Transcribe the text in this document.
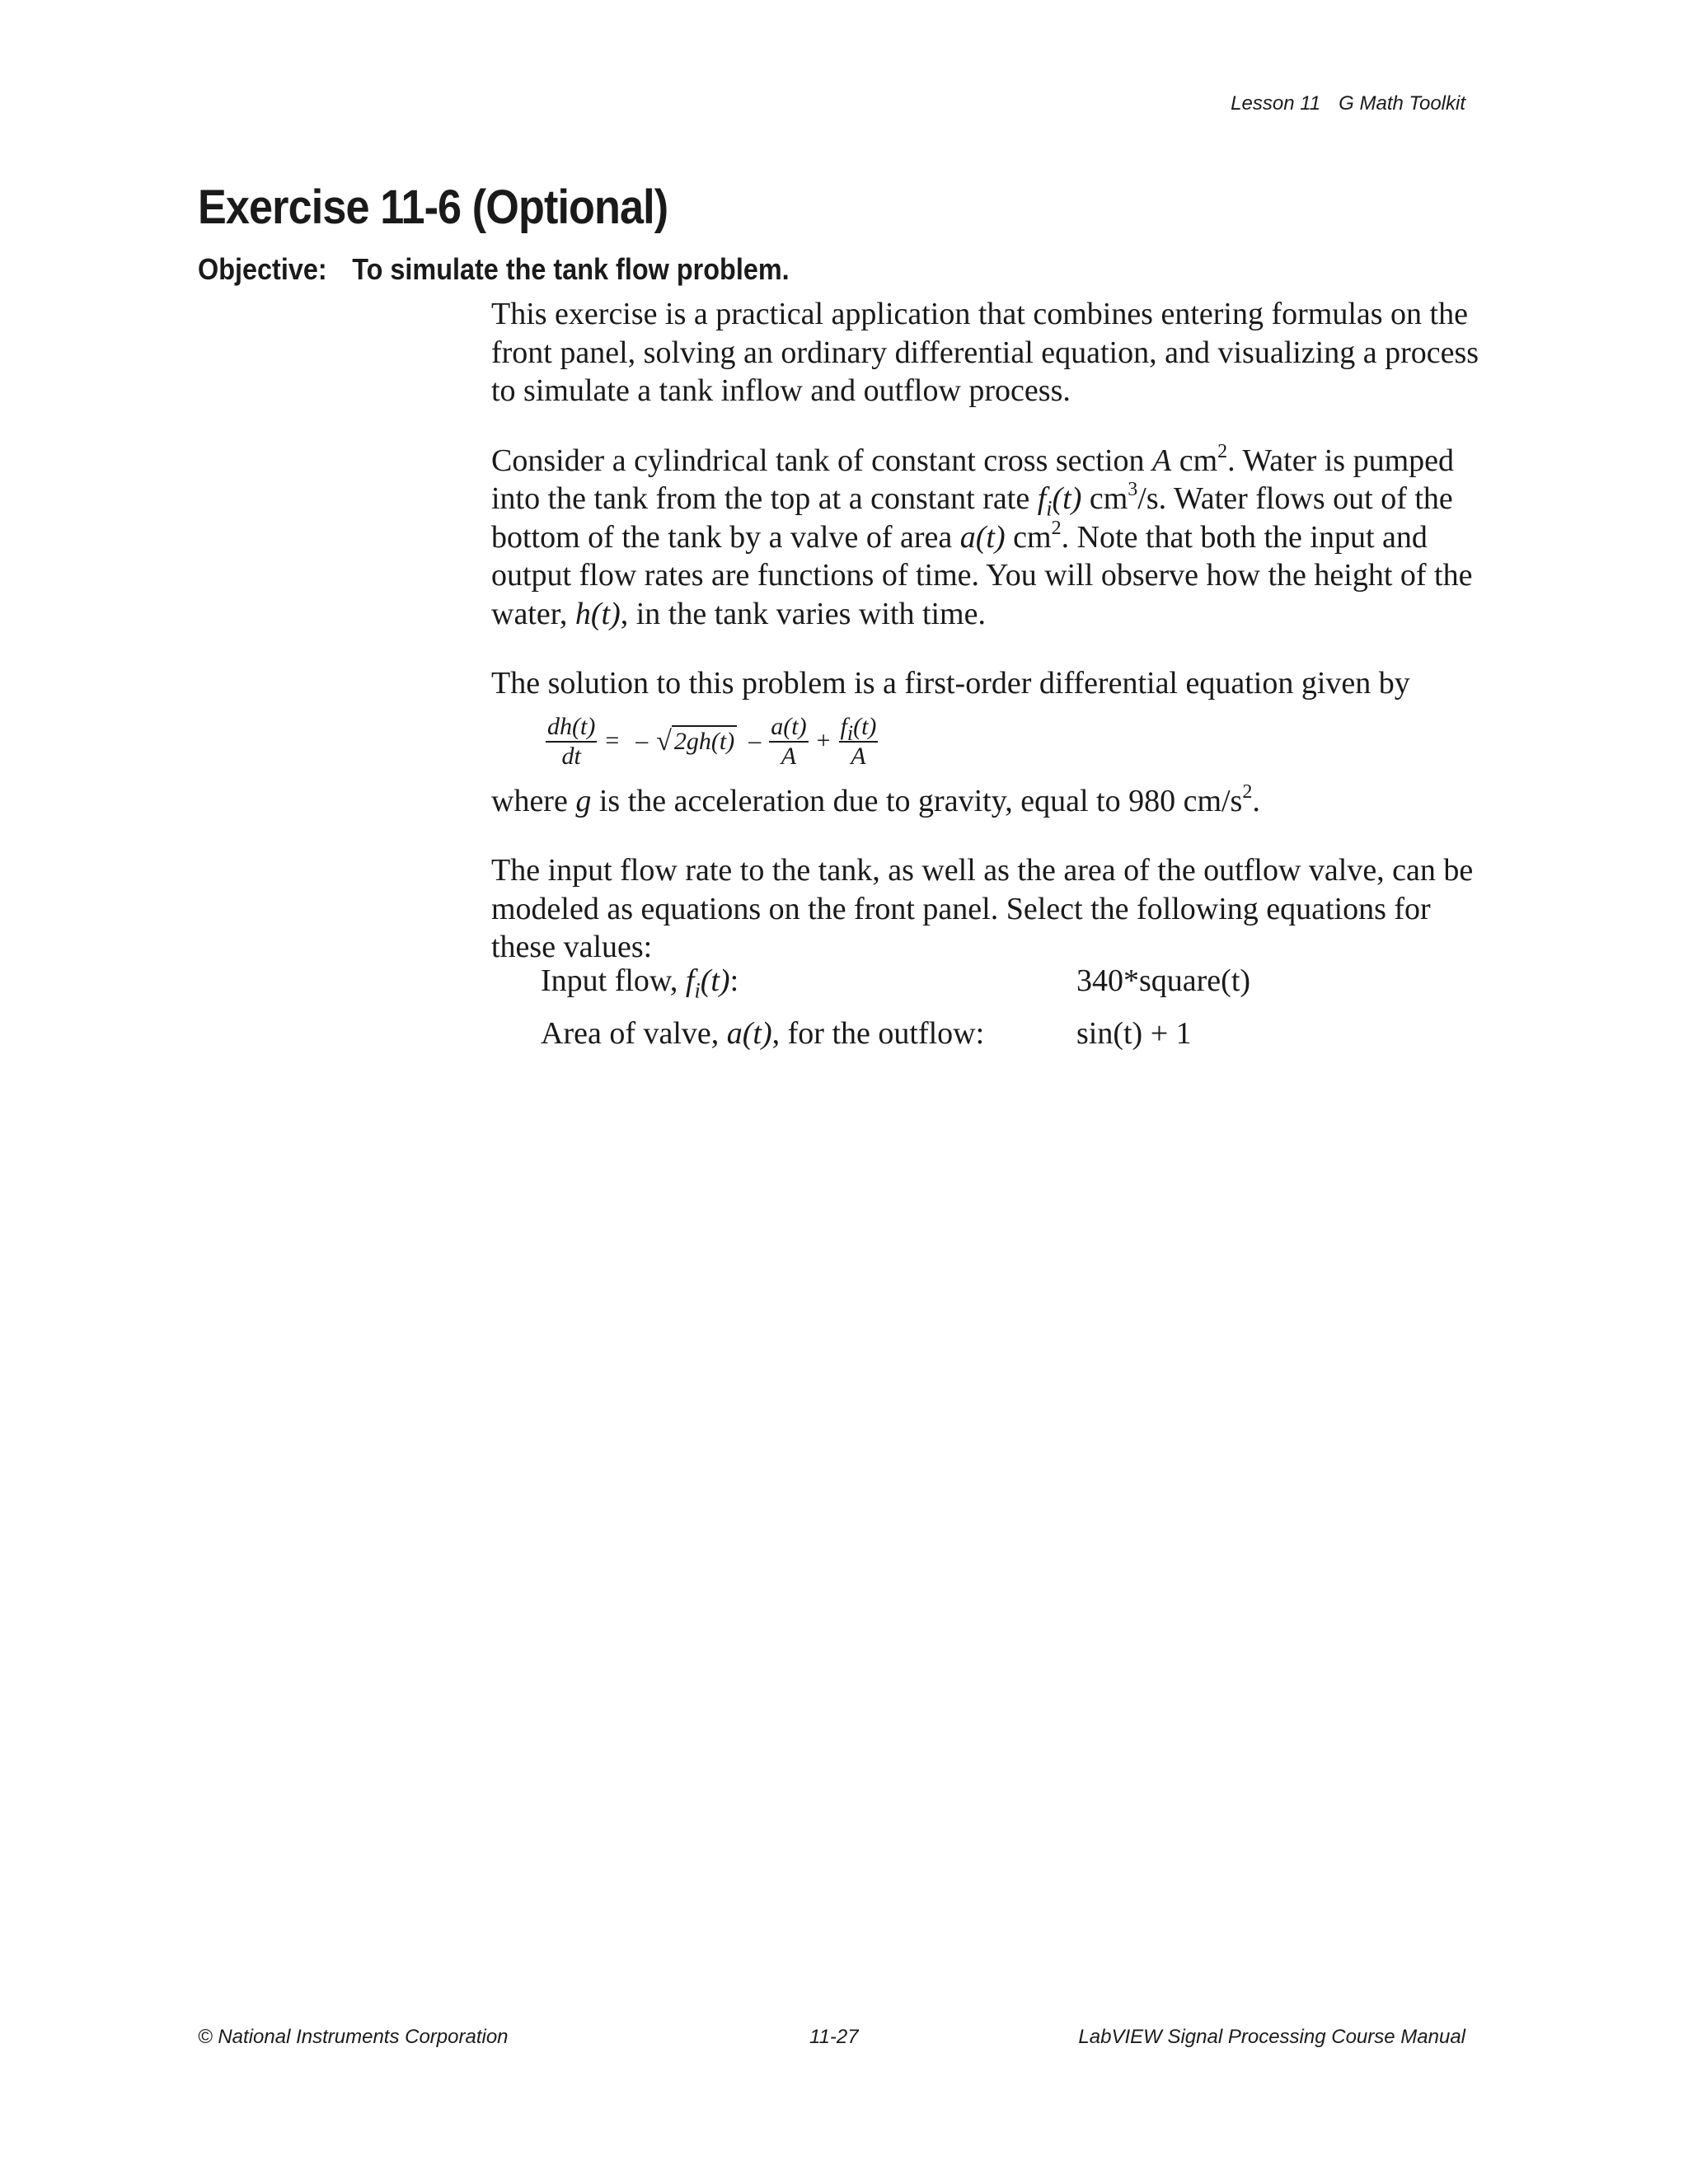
Lesson 11 G Math Toolkit
Exercise 11-6 (Optional)
Objective: To simulate the tank flow problem.

This exercise is a practical application that combines entering formulas on the front panel, solving an ordinary differential equation, and visualizing a process to simulate a tank inflow and outflow process.

Consider a cylindrical tank of constant cross section A $cm^2$. Water is pumped into the tank from the top at a constant rate $f_i(t)$ $cm^3/s$. Water flows out of the bottom of the tank by a valve of area a(t) $cm^2$. Note that both the input and output flow rates are functions of time. You will observe how the height of the water, h(t), in the tank varies with time.

The solution to this problem is a first-order differential equation given by

$\frac{dh(t)}{dt}$ = – √ $2gh(t) - \frac{a(t)}{A} + \frac{f_i(t)}{A}$

where g is the acceleration due to gravity, equal to 980 $cm/s^2$.

The input flow rate to the tank, as well as the area of the outflow valve, can be modeled as equations on the front panel. Select the following equations for these values:

Input flow, $f_i(t)$:	340*square(t)
Area of valve, a(t), for the outflow:	sin(t) + 1
© National Instruments Corporation	11-27	LabVIEW Signal Processing Course Manual
